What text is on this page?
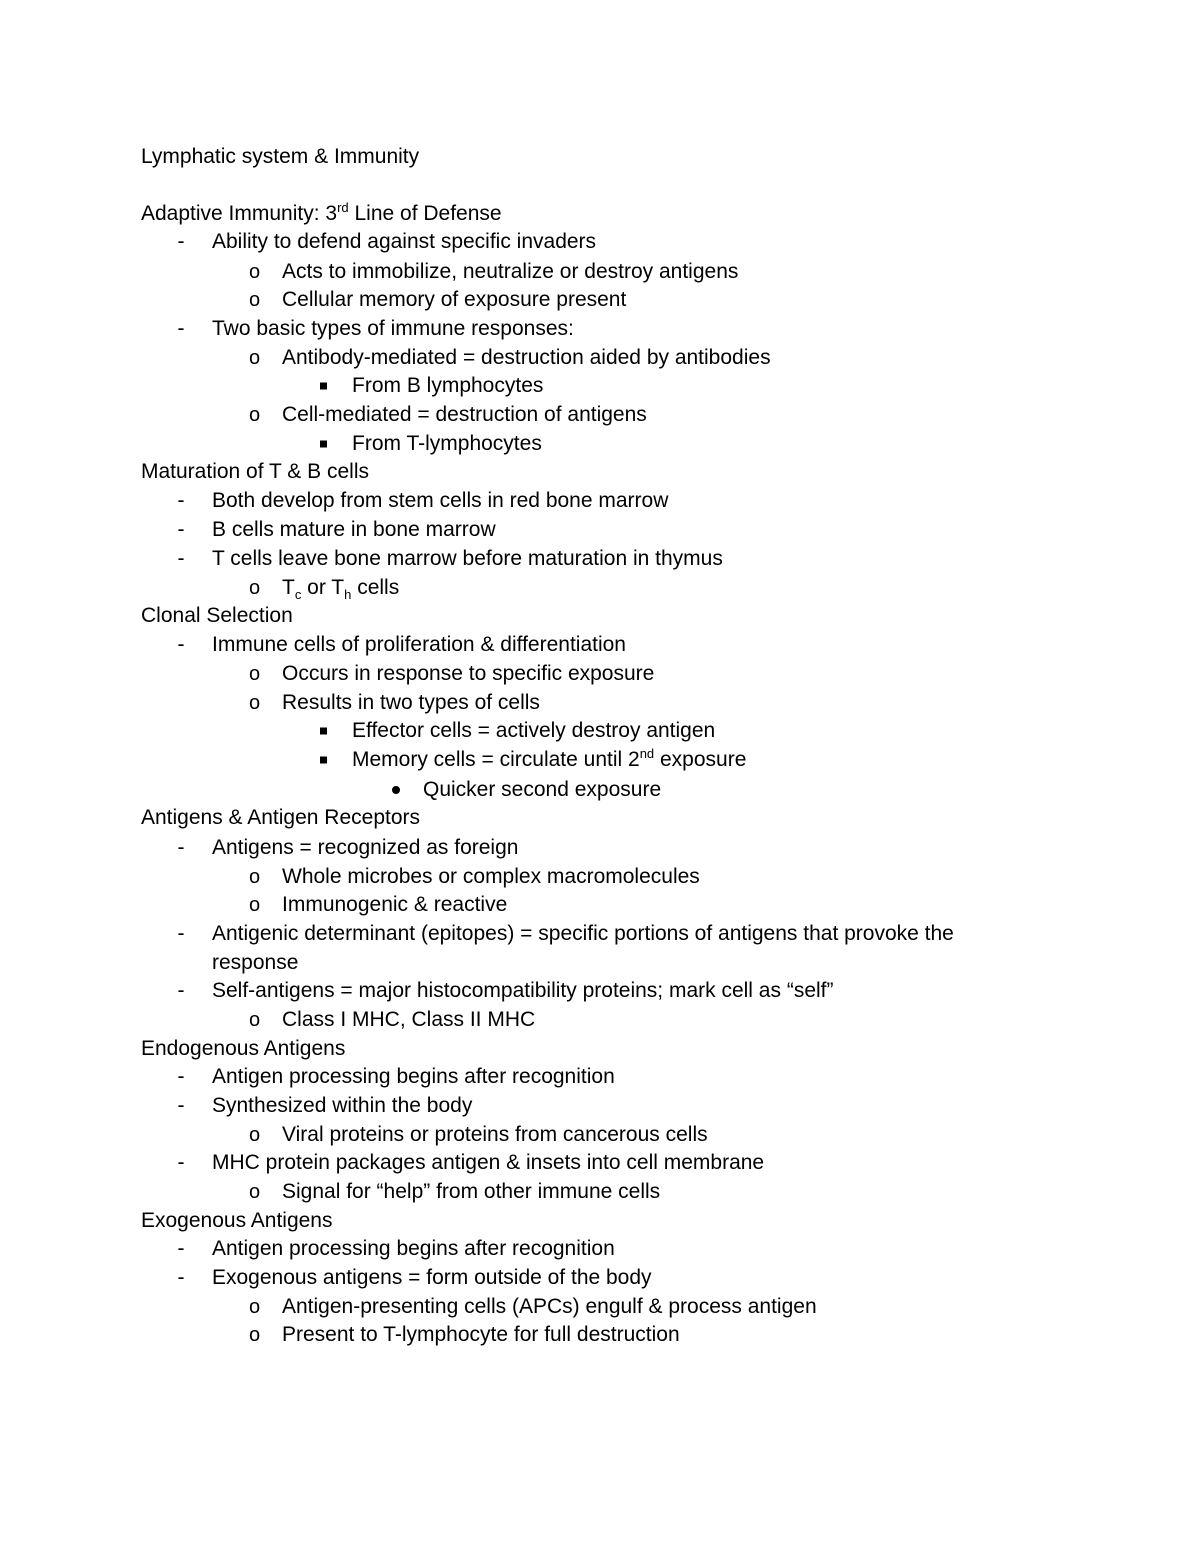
Lymphatic system & Immunity
Adaptive Immunity: 3rd Line of Defense
- Ability to defend against specific invaders
o Acts to immobilize, neutralize or destroy antigens
o Cellular memory of exposure present
- Two basic types of immune responses:
o Antibody-mediated = destruction aided by antibodies
From B lymphocytes
o Cell-mediated = destruction of antigens
From T-lymphocytes
Maturation of T & B cells
- Both develop from stem cells in red bone marrow
- B cells mature in bone marrow
- T cells leave bone marrow before maturation in thymus
o $T_c$ or $T_h$ cells
Clonal Selection
- Immune cells of proliferation & differentiation
o Occurs in response to specific exposure
o Results in two types of cells
Effector cells = actively destroy antigen
Memory cells = circulate until 2nd exposure
Quicker second exposure
Antigens & Antigen Receptors
- Antigens = recognized as foreign
o Whole microbes or complex macromolecules
o Immunogenic & reactive
- Antigenic determinant (epitopes) = specific portions of antigens that provoke the
response
- Self-antigens = major histocompatibility proteins; mark cell as “self”
o Class I MHC, Class II MHC
Endogenous Antigens
- Antigen processing begins after recognition
- Synthesized within the body
o Viral proteins or proteins from cancerous cells
- MHC protein packages antigen & insets into cell membrane
o Signal for “help” from other immune cells
Exogenous Antigens
- Antigen processing begins after recognition
- Exogenous antigens = form outside of the body
o Antigen-presenting cells (APCs) engulf & process antigen
o Present to T-lymphocyte for full destruction
